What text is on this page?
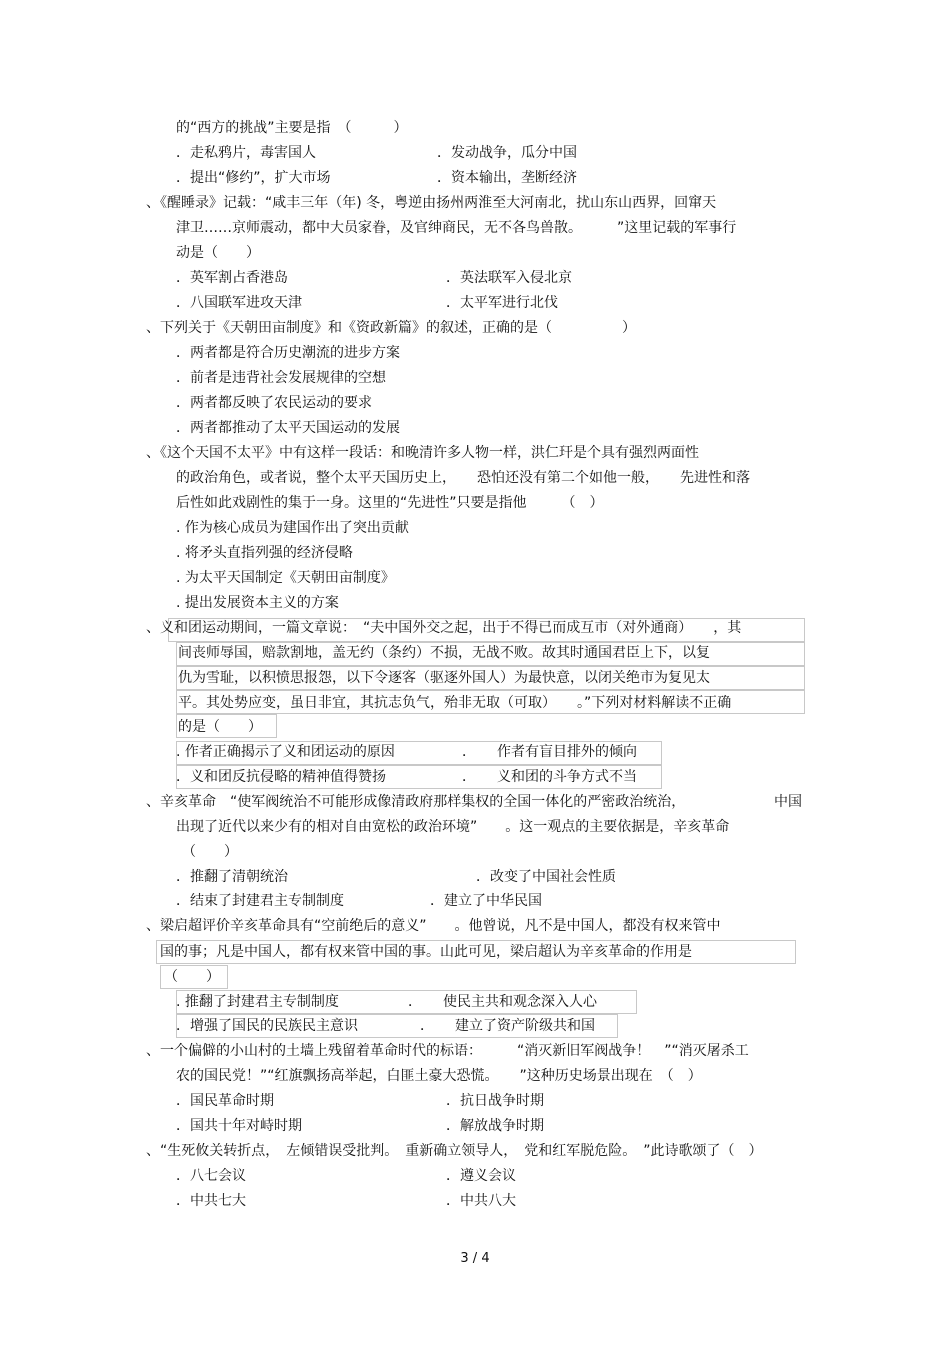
的“西方的挑战”主要是指　（　　　）
．走私鸦片，毒害国人	．发动战争，瓜分中国
．提出“修约”，扩大市场	．资本输出，垄断经济
、《醒睡录》记载：“咸丰三年（年) 冬，粤逆由扬州两淮至大河南北，扰山东山西界，回窜天
津卫……京师震动，都中大员家眷，及官绅商民，无不各鸟兽散。　　　”这里记载的军事行
动是（　　）
．英军割占香港岛	．英法联军入侵北京
．八国联军进攻天津	．太平军进行北伐
、下列关于《天朝田亩制度》和《资政新篇》的叙述，正确的是（　　　　　）
．两者都是符合历史潮流的进步方案
．前者是违背社会发展规律的空想
．两者都反映了农民运动的要求
．两者都推动了太平天国运动的发展
、《这个天国不太平》中有这样一段话：和晚清许多人物一样，洪仁玕是个具有强烈两面性
的政治角色，或者说，整个太平天国历史上，　　恐怕还没有第二个如他一般，　　先进性和落
后性如此戏剧性的集于一身。这里的“先进性”只要是指他　　　（　）
. 作为核心成员为建国作出了突出贡献
. 将矛头直指列强的经济侵略
. 为太平天国制定《天朝田亩制度》
. 提出发展资本主义的方案
、义和团运动期间，一篇文章说：　“夫中国外交之起，出于不得已而成互市（对外通商）　　，其
间丧师辱国，赔款割地，盖无约（条约）不损，无战不败。故其时通国君臣上下，以复
仇为雪耻，以积愤思报怨，以下令逐客（驱逐外国人）为最快意，以闭关绝市为复见太
平。其处势应变，虽日非宜，其抗志负气，殆非无取（可取）　　。”下列对材料解读不正确
的是（　　）
. 作者正确揭示了义和团运动的原因	．　　作者有盲目排外的倾向
．义和团反抗侵略的精神值得赞扬	．　　义和团的斗争方式不当
、辛亥革命　“使军阀统治不可能形成像清政府那样集权的全国一体化的严密政治统治，	中国
出现了近代以来少有的相对自由宽松的政治环境”　　。这一观点的主要依据是，辛亥革命
（　　）
．推翻了清朝统治	．改变了中国社会性质
．结束了封建君主专制制度	．建立了中华民国
、梁启超评价辛亥革命具有“空前绝后的意义”　　。他曾说，凡不是中国人，都没有权来管中
国的事；凡是中国人，都有权来管中国的事。山此可见，梁启超认为辛亥革命的作用是
（　　）
. 推翻了封建君主专制制度	．　　使民主共和观念深入人心
．增强了国民的民族民主意识	．　　建立了资产阶级共和国
、一个偏僻的小山村的土墙上残留着革命时代的标语：　　　“消灭新旧军阀战争！　”“消灭屠杀工
农的国民党！”“红旗飘扬高举起，白匪土豪大恐慌。　　”这种历史场景出现在　（　）
．国民革命时期	．抗日战争时期
．国共十年对峙时期	．解放战争时期
、“生死攸关转折点，　左倾错误受批判。　重新确立领导人，　党和红军脱危险。　”此诗歌颂了（　）
．八七会议	．遵义会议
．中共七大	．中共八大
3 / 4
